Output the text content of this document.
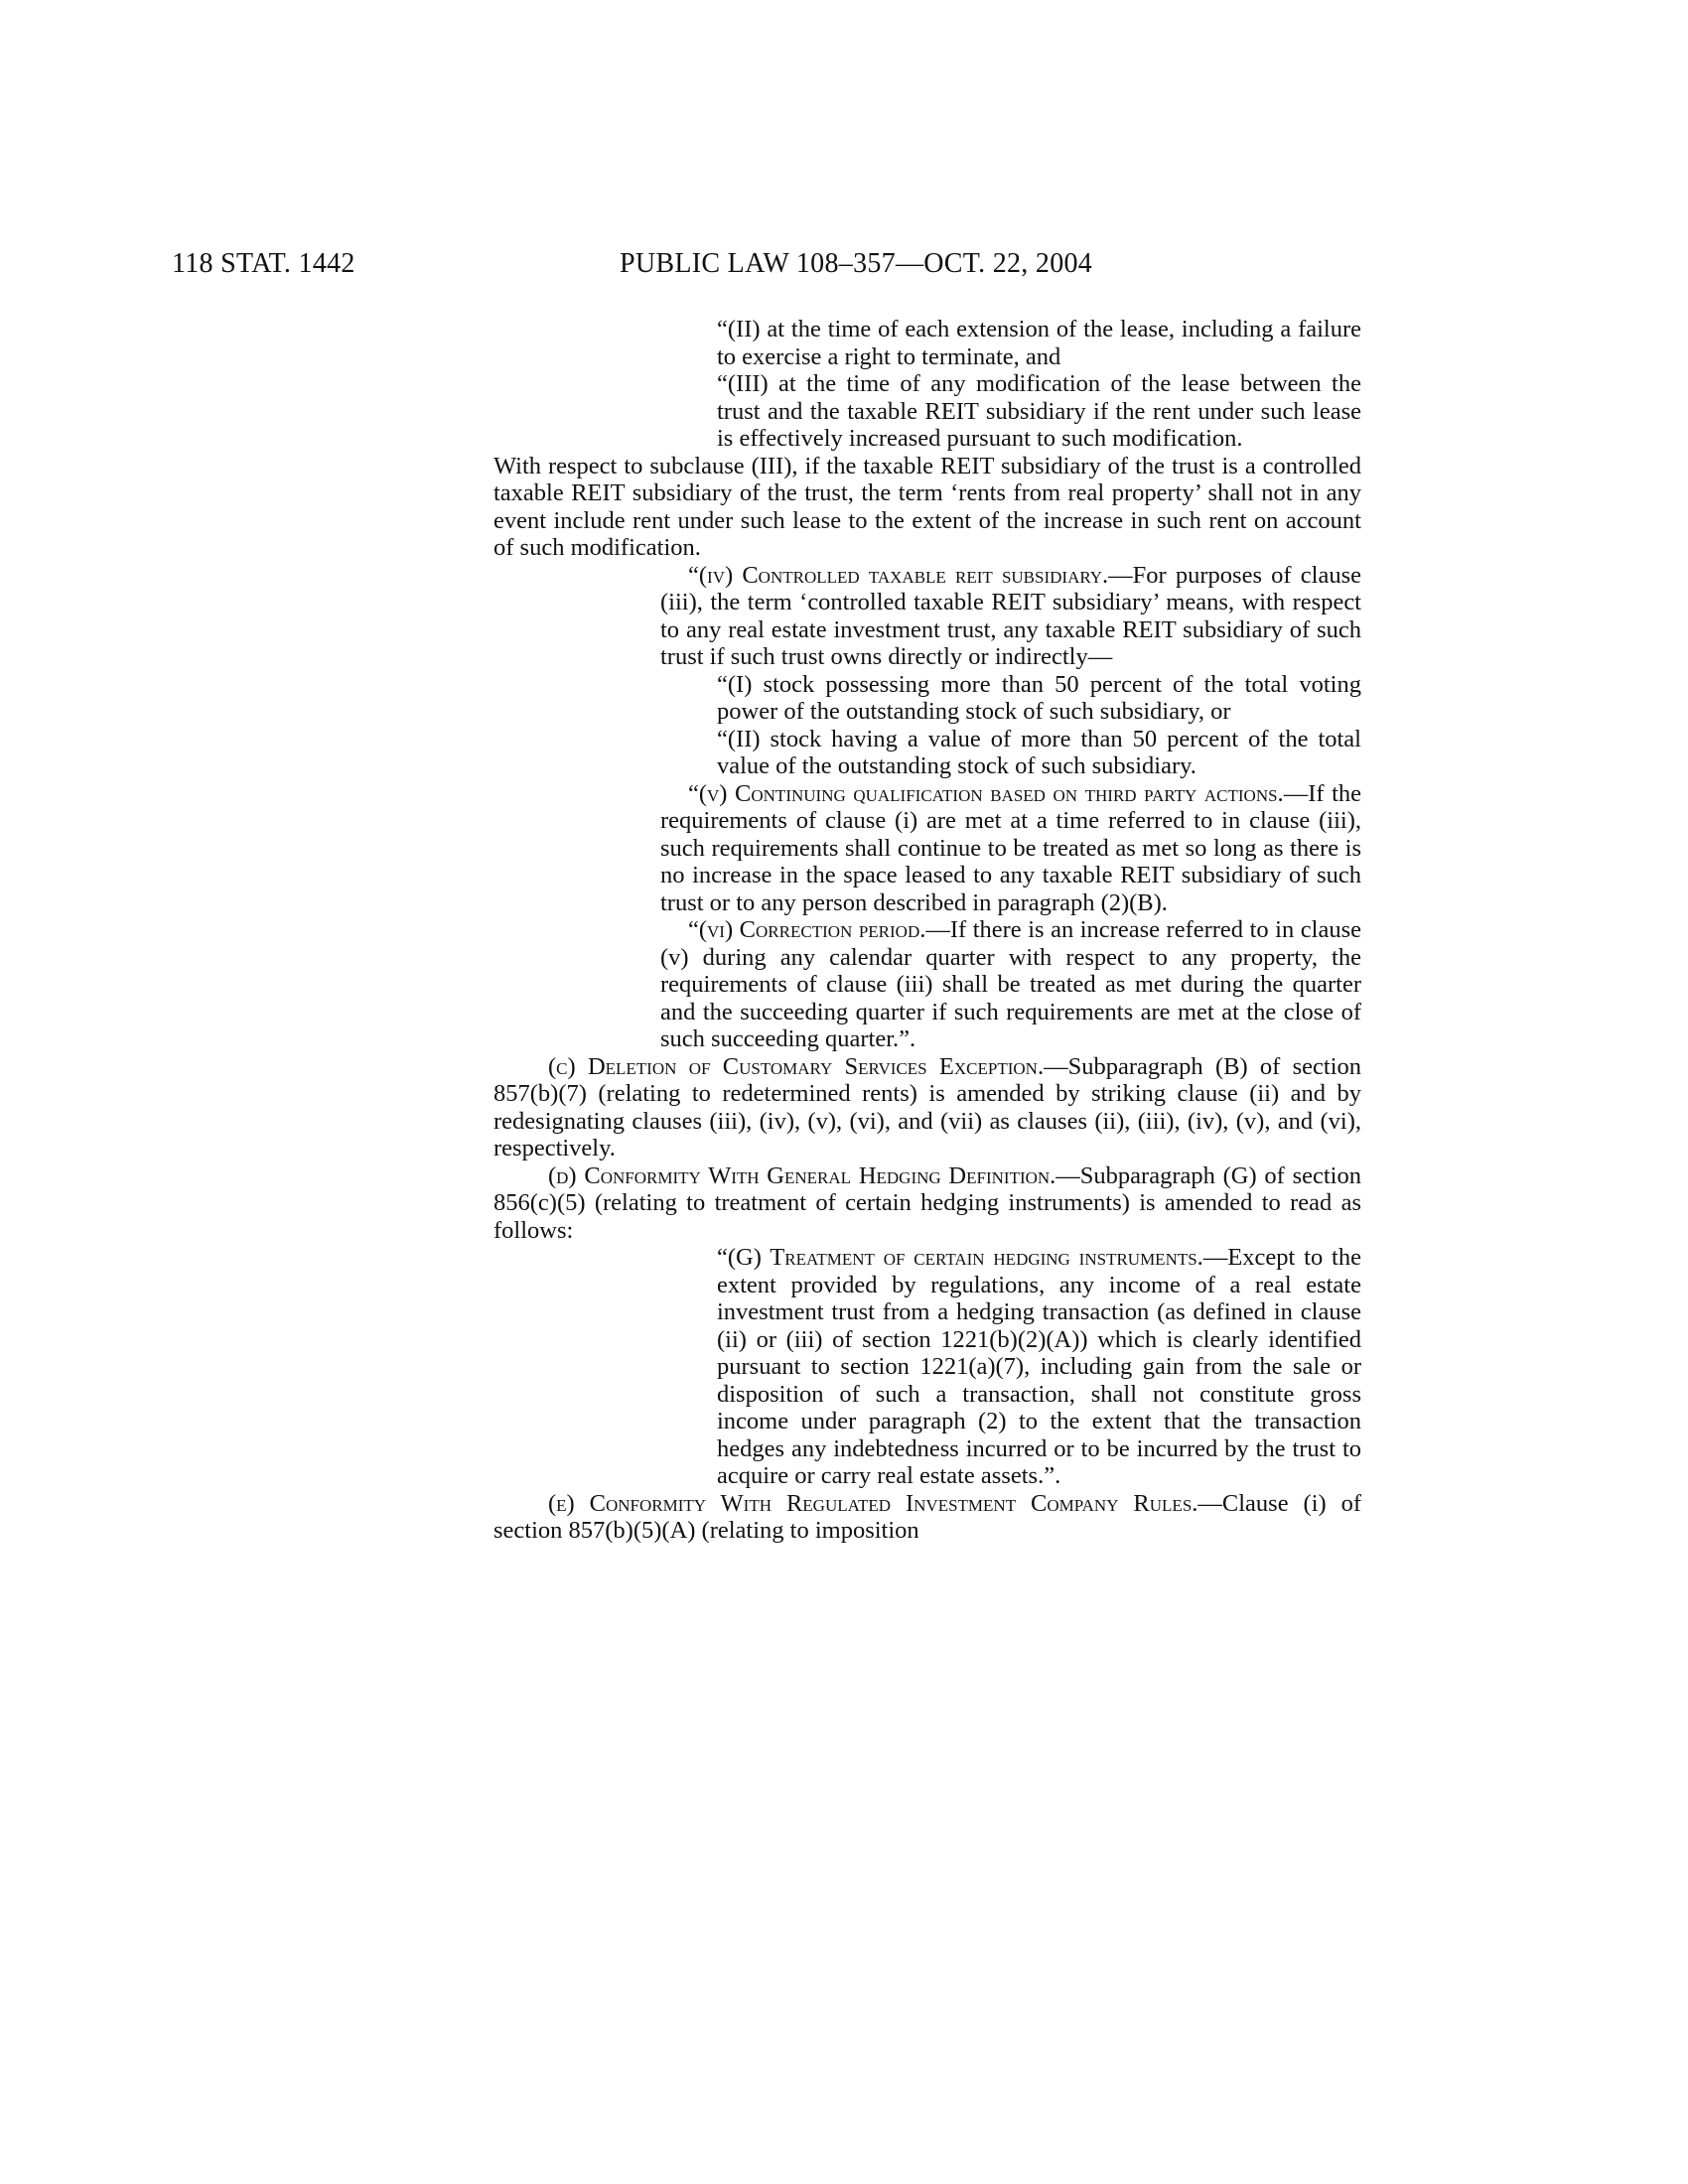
118 STAT. 1442	PUBLIC LAW 108–357—OCT. 22, 2004

“(II) at the time of each extension of the lease, including a failure to exercise a right to terminate, and

“(III) at the time of any modification of the lease between the trust and the taxable REIT subsidiary if the rent under such lease is effectively increased pursuant to such modification.

With respect to subclause (III), if the taxable REIT subsidiary of the trust is a controlled taxable REIT subsidiary of the trust, the term ‘rents from real property’ shall not in any event include rent under such lease to the extent of the increase in such rent on account of such modification.

“(iv) Controlled taxable reit subsidiary.—For purposes of clause (iii), the term ‘controlled taxable REIT subsidiary’ means, with respect to any real estate investment trust, any taxable REIT subsidiary of such trust if such trust owns directly or indirectly—

“(I) stock possessing more than 50 percent of the total voting power of the outstanding stock of such subsidiary, or

“(II) stock having a value of more than 50 percent of the total value of the outstanding stock of such subsidiary.

“(v) Continuing qualification based on third party actions.—If the requirements of clause (i) are met at a time referred to in clause (iii), such requirements shall continue to be treated as met so long as there is no increase in the space leased to any taxable REIT subsidiary of such trust or to any person described in paragraph (2)(B).

“(vi) Correction period.—If there is an increase referred to in clause (v) during any calendar quarter with respect to any property, the requirements of clause (iii) shall be treated as met during the quarter and the succeeding quarter if such requirements are met at the close of such succeeding quarter.”.

(c) Deletion of Customary Services Exception.—Subparagraph (B) of section 857(b)(7) (relating to redetermined rents) is amended by striking clause (ii) and by redesignating clauses (iii), (iv), (v), (vi), and (vii) as clauses (ii), (iii), (iv), (v), and (vi), respectively.

(d) Conformity With General Hedging Definition.—Subparagraph (G) of section 856(c)(5) (relating to treatment of certain hedging instruments) is amended to read as follows:

“(G) Treatment of certain hedging instruments.—Except to the extent provided by regulations, any income of a real estate investment trust from a hedging transaction (as defined in clause (ii) or (iii) of section 1221(b)(2)(A)) which is clearly identified pursuant to section 1221(a)(7), including gain from the sale or disposition of such a transaction, shall not constitute gross income under paragraph (2) to the extent that the transaction hedges any indebtedness incurred or to be incurred by the trust to acquire or carry real estate assets.”.

(e) Conformity With Regulated Investment Company Rules.—Clause (i) of section 857(b)(5)(A) (relating to imposition
